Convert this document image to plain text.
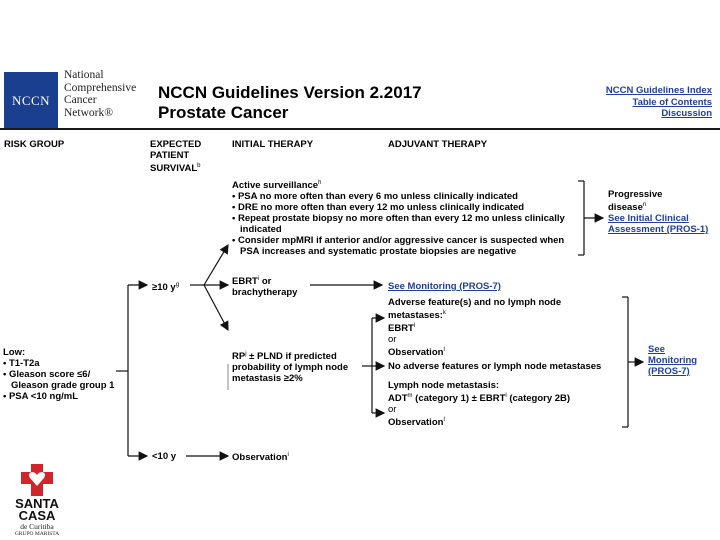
NCCN
National
Comprehensive
Cancer
Network®
NCCN Guidelines Version 2.2017
Prostate Cancer
NCCN Guidelines Index
Table of Contents
Discussion
RISK GROUP	EXPECTED PATIENT SURVIVAL$^b$
INITIAL THERAPY	ADJUVANT THERAPY
Low:
• T1-T2a
• Gleason score ≤6/ Gleason grade group 1
• PSA <10 ng/mL
≥10 $y^g$
<10 y
Active surveillance$^h$
• PSA no more often than every 6 mo unless clinically indicated
• DRE no more often than every 12 mo unless clinically indicated
• Repeat prostate biopsy no more often than every 12 mo unless clinically indicated
• Consider mpMRI if anterior and/or aggressive cancer is suspected when PSA increases and systematic prostate biopsies are negative
Progressive
disease$^n$
See Initial Clinical Assessment (PROS-1)
EBRT$^i$ or
brachytherapy
See Monitoring (PROS-7)
$RP^j$ ± PLND if predicted probability of lymph node metastasis ≥2%
Adverse feature(s) and no lymph node metastases:$^k$
EBRT$^l$
or
Observation$^l$
No adverse features or lymph node metastases
Lymph node metastasis:
ADT$^m$ (category $1) \pm EBRT^l$ (category 2B)
or
Observation$^l$
See
Monitoring
(PROS-7)
Observation$^i$
SANTA
CASA
de Curitiba
GRUPO MARISTA
